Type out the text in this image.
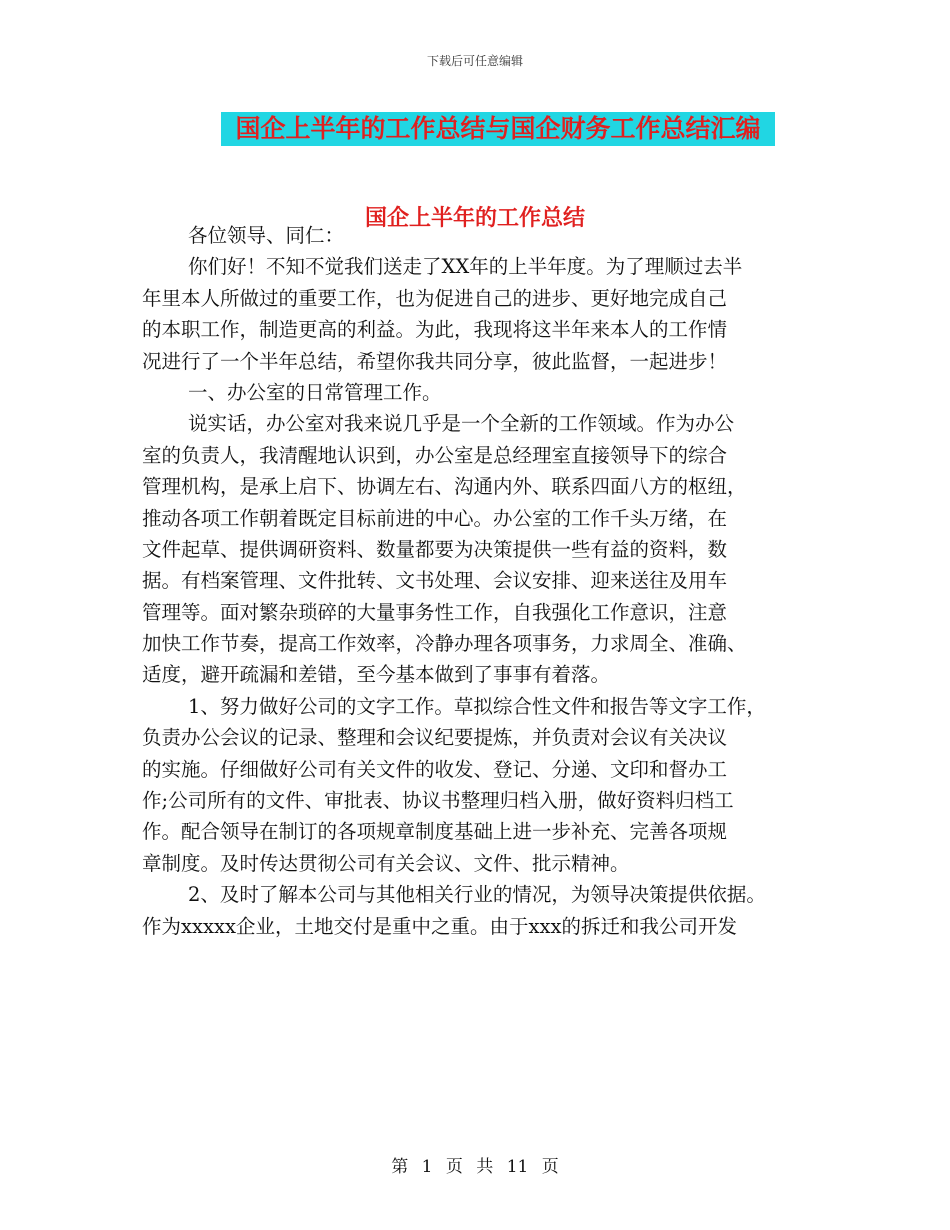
下载后可任意编辑
国企上半年的工作总结与国企财务工作总结汇编
国企上半年的工作总结
各位领导、同仁：
你们好！不知不觉我们送走了XX年的上半年度。为了理顺过去半
年里本人所做过的重要工作，也为促进自己的进步、更好地完成自己
的本职工作，制造更高的利益。为此，我现将这半年来本人的工作情
况进行了一个半年总结，希望你我共同分享，彼此监督，一起进步！
一、办公室的日常管理工作。
说实话，办公室对我来说几乎是一个全新的工作领域。作为办公
室的负责人，我清醒地认识到，办公室是总经理室直接领导下的综合
管理机构，是承上启下、协调左右、沟通内外、联系四面八方的枢纽，
推动各项工作朝着既定目标前进的中心。办公室的工作千头万绪，在
文件起草、提供调研资料、数量都要为决策提供一些有益的资料，数
据。有档案管理、文件批转、文书处理、会议安排、迎来送往及用车
管理等。面对繁杂琐碎的大量事务性工作，自我强化工作意识，注意
加快工作节奏，提高工作效率，冷静办理各项事务，力求周全、准确、
适度，避开疏漏和差错，至今基本做到了事事有着落。
1、努力做好公司的文字工作。草拟综合性文件和报告等文字工作，
负责办公会议的记录、整理和会议纪要提炼，并负责对会议有关决议
的实施。仔细做好公司有关文件的收发、登记、分递、文印和督办工
作;公司所有的文件、审批表、协议书整理归档入册，做好资料归档工
作。配合领导在制订的各项规章制度基础上进一步补充、完善各项规
章制度。及时传达贯彻公司有关会议、文件、批示精神。
2、及时了解本公司与其他相关行业的情况，为领导决策提供依据。
作为xxxxx企业，土地交付是重中之重。由于xxx的拆迁和我公司开发
第 1 页 共 11 页
